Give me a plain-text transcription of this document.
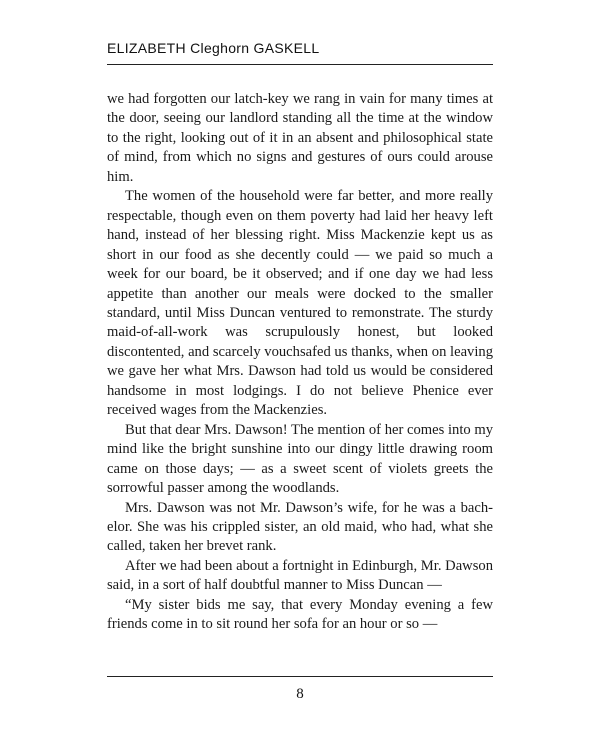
ELIZABETH Cleghorn GASKELL

we had forgotten our latch-key we rang in vain for many times at the door, seeing our landlord standing all the time at the window to the right, looking out of it in an absent and philosophical state of mind, from which no signs and gestures of ours could arouse him.

The women of the household were far better, and more really respectable, though even on them poverty had laid her heavy left hand, instead of her blessing right. Miss Mackenzie kept us as short in our food as she decently could — we paid so much a week for our board, be it observed; and if one day we had less appetite than another our meals were docked to the smaller standard, until Miss Duncan ventured to remonstrate. The sturdy maid-of-all-work was scrupulously honest, but looked discontented, and scarcely vouchsafed us thanks, when on leaving we gave her what Mrs. Dawson had told us would be considered handsome in most lodgings. I do not believe Phenice ever received wages from the Mackenzies.

But that dear Mrs. Dawson! The mention of her comes into my mind like the bright sunshine into our dingy little drawing room came on those days; — as a sweet scent of violets greets the sorrowful passer among the woodlands.

Mrs. Dawson was not Mr. Dawson’s wife, for he was a bachelor. She was his crippled sister, an old maid, who had, what she called, taken her brevet rank.

After we had been about a fortnight in Edinburgh, Mr. Dawson said, in a sort of half doubtful manner to Miss Duncan —

“My sister bids me say, that every Monday evening a few friends come in to sit round her sofa for an hour or so —

8
